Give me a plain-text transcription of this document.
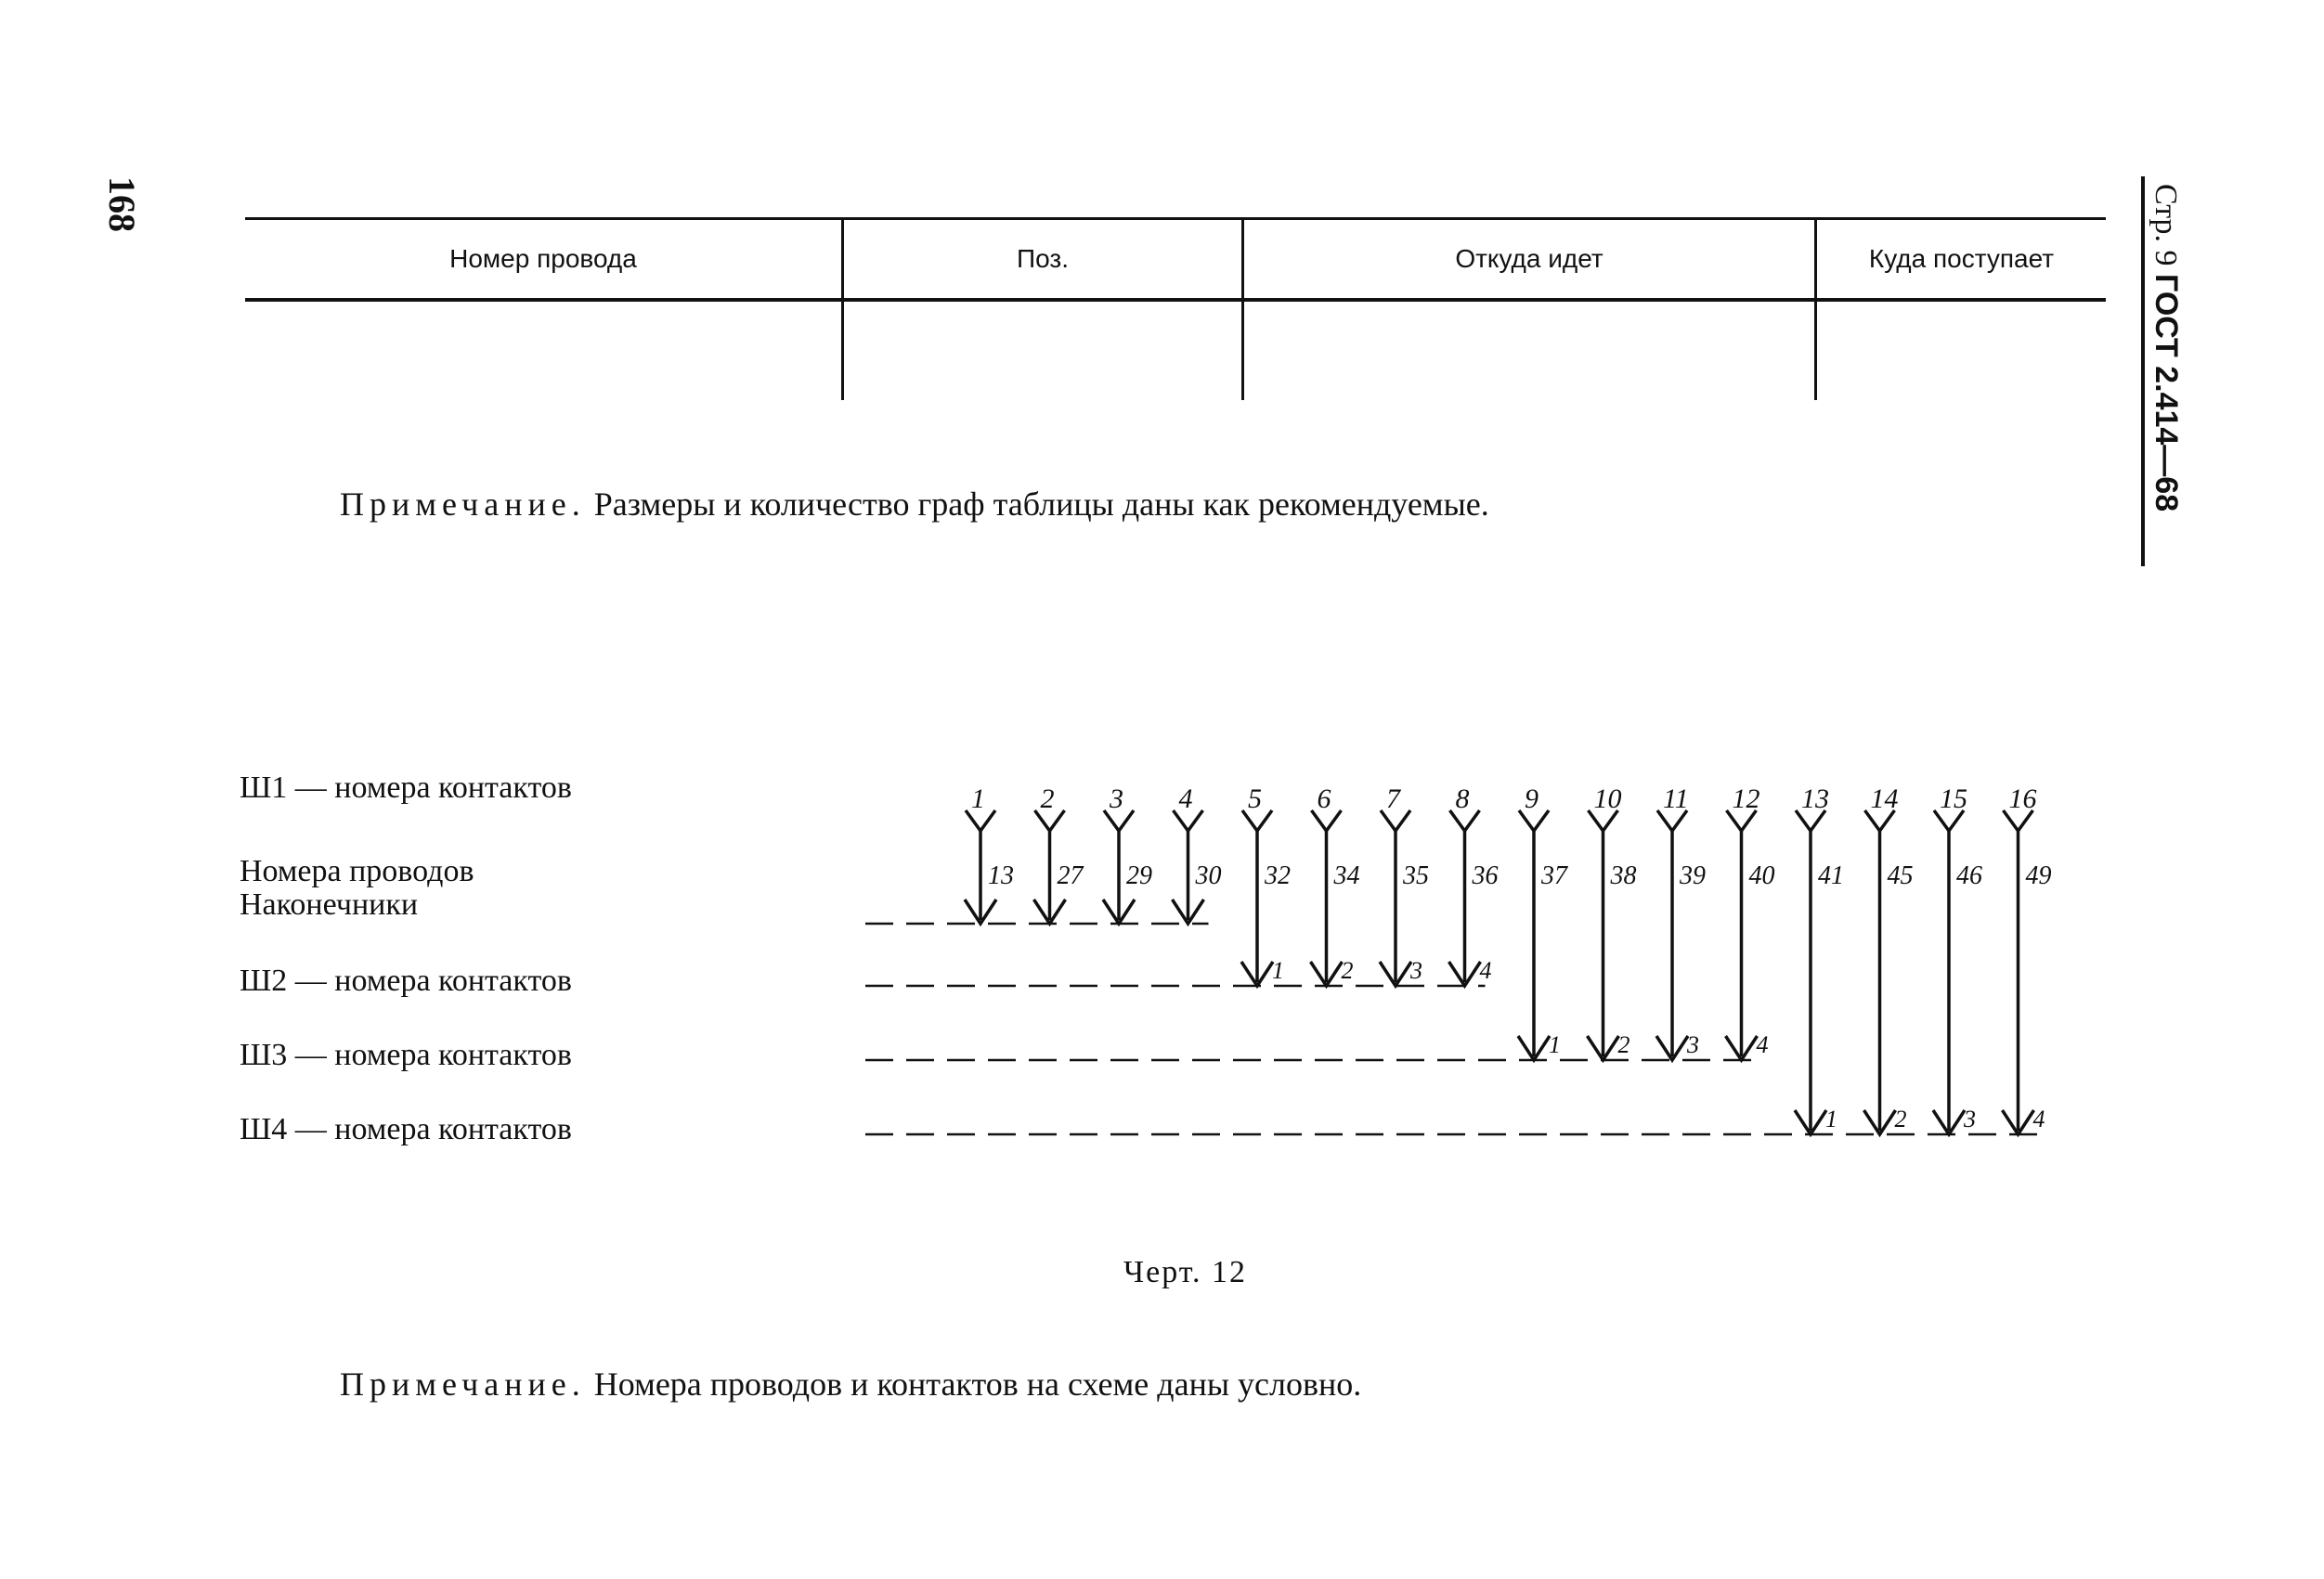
168	Стр. 9 ГОСТ 2.414—68
Номер провода	Поз.	Откуда идет	Куда поступает

Примечание. Размеры и количество граф таблицы даны как рекомендуемые.
Ш1 — номера контактов
Номера проводов
Наконечники
Ш2 — номера контактов
Ш3 — номера контактов
Ш4 — номера контактов
1
13
2
27
3
29
4
30
5
32
1
6
34
2
7
35
3
8
36
4
9
37
1
10
38
2
11
39
3
12
40
4
13
41
1
14
45
2
15
46
3
16
49
4
Черт. 12
Примечание. Номера проводов и контактов на схеме даны условно.
